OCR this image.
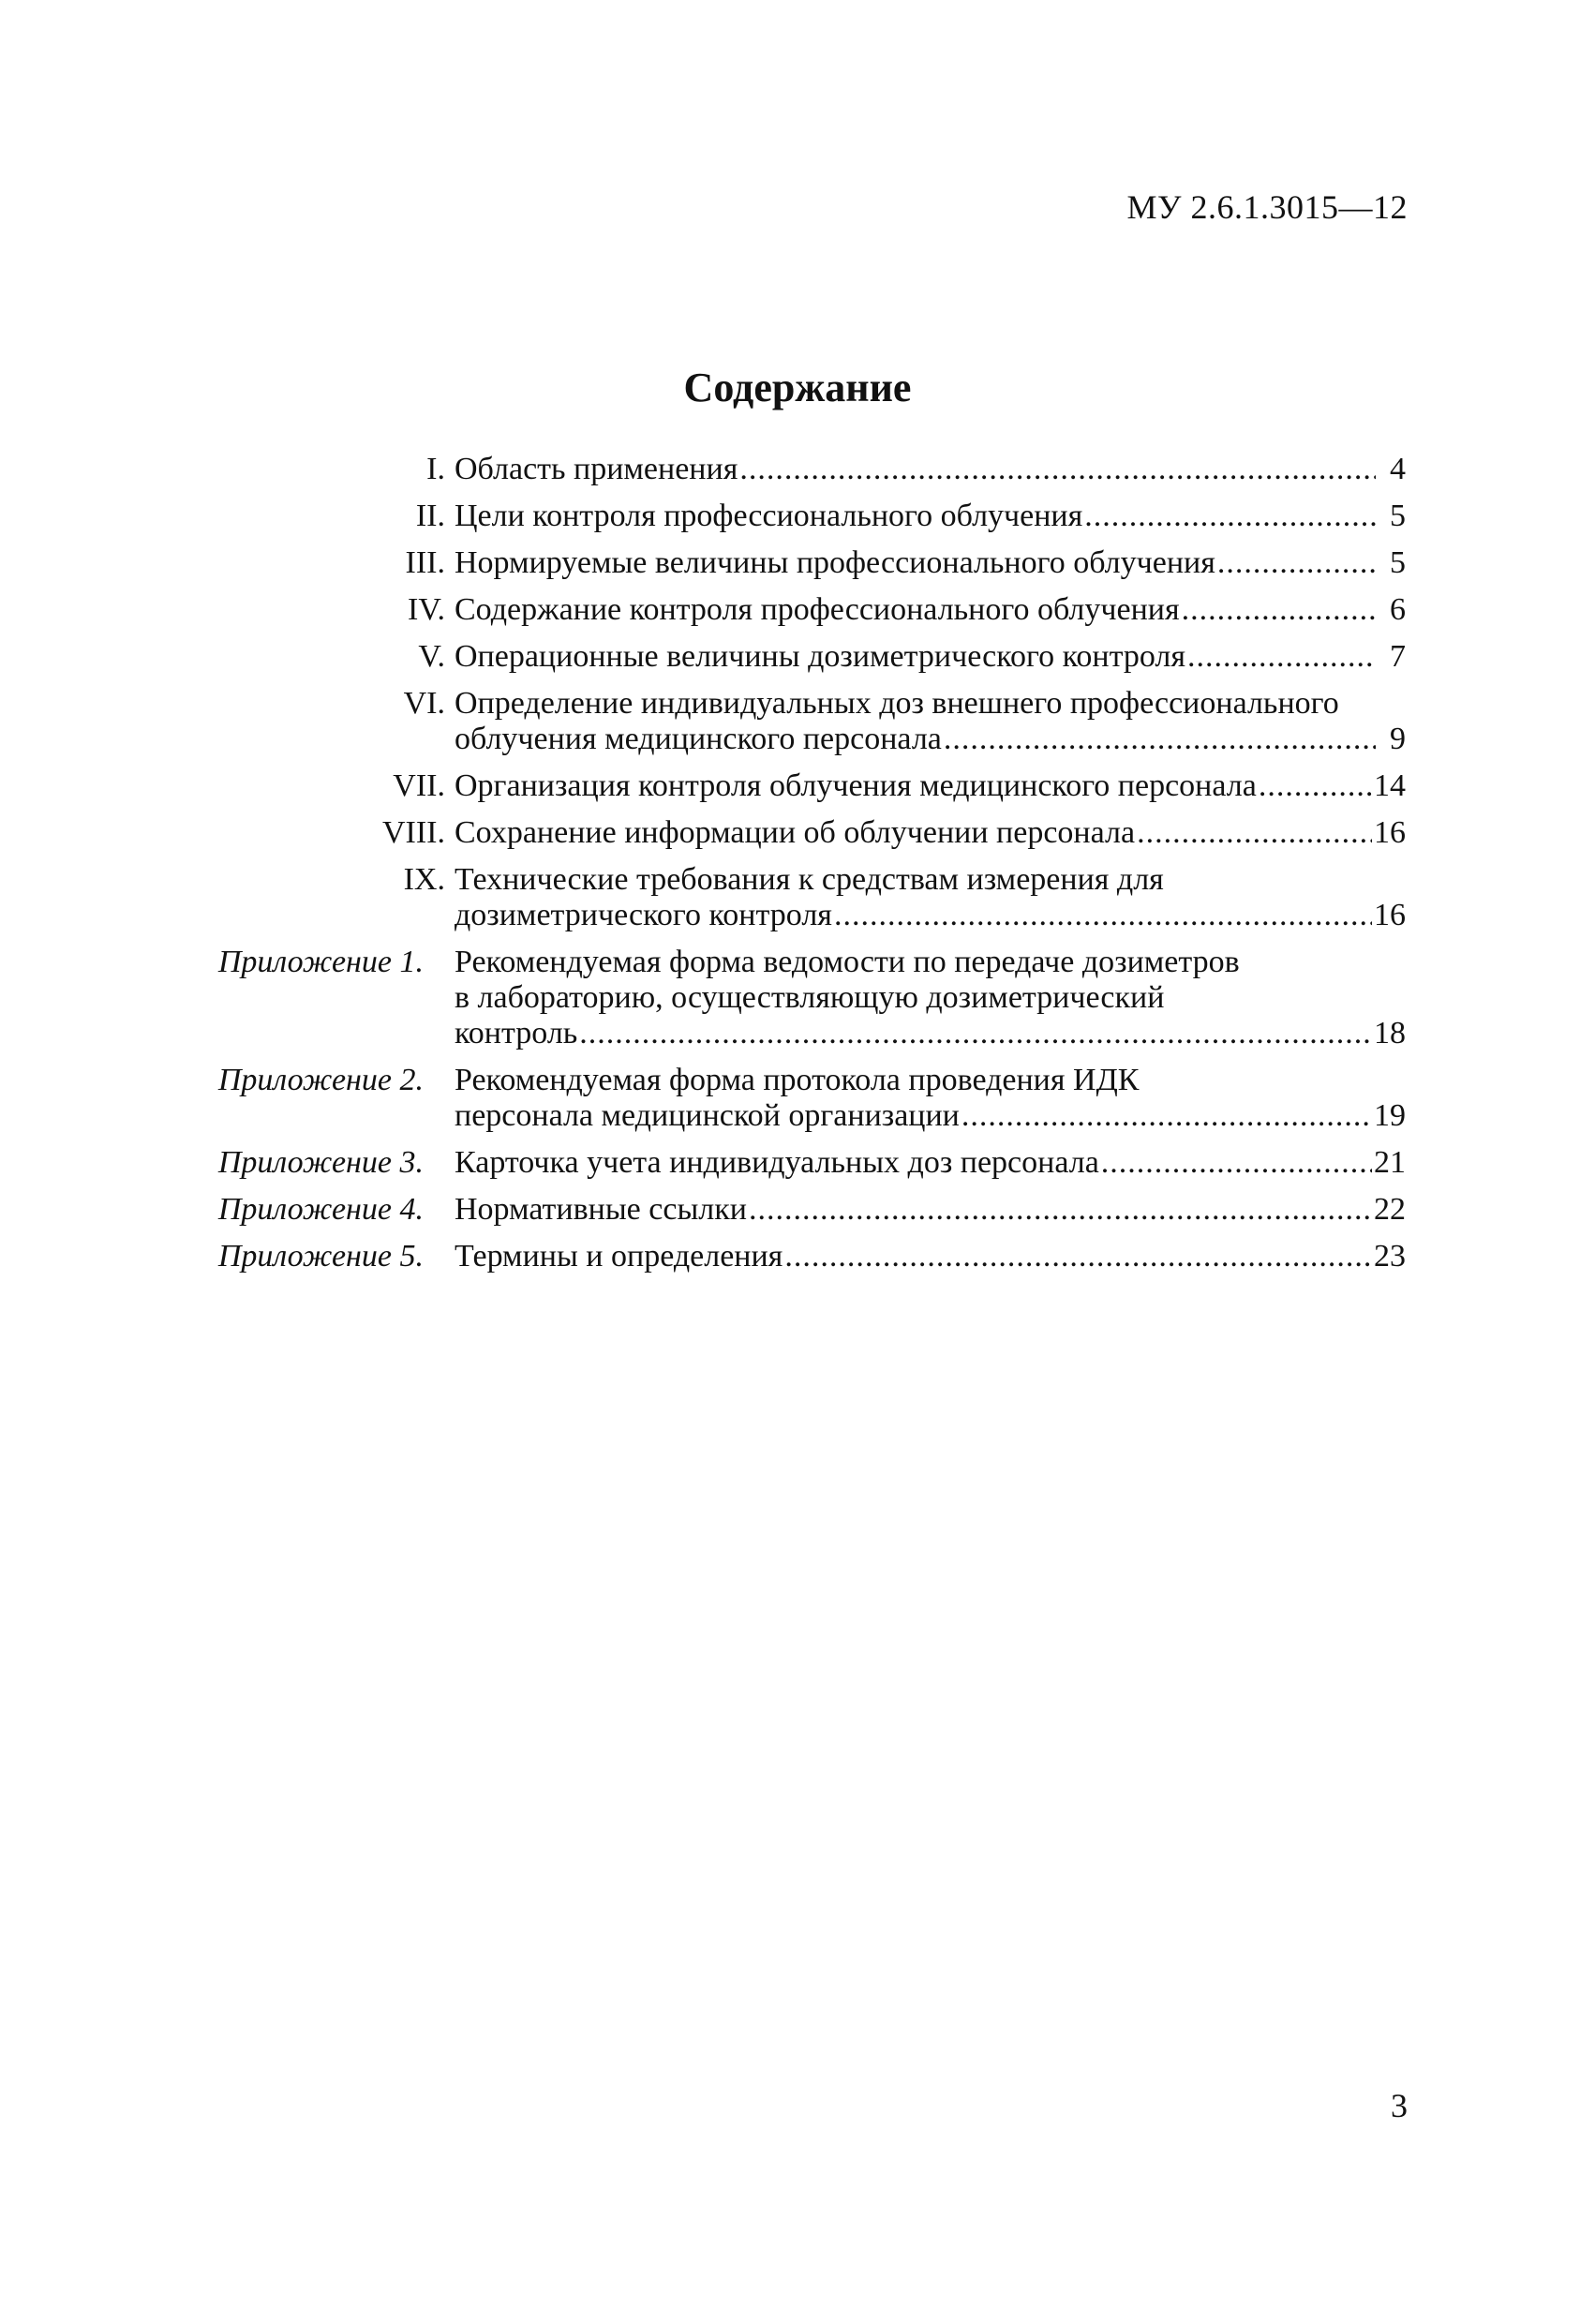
МУ 2.6.1.3015—12
Содержание
I. Область применения .....	4
II. Цели контроля профессионального облучения .....	5
III. Нормируемые величины профессионального облучения .....	5
IV. Содержание контроля профессионального облучения .....	6
V. Операционные величины дозиметрического контроля .....	7
VI. Определение индивидуальных доз внешнего профессионального
облучения медицинского персонала .....	9
VII. Организация контроля облучения медицинского персонала .....	14
VIII. Сохранение информации об облучении персонала .....	16
IX. Технические требования к средствам измерения для
дозиметрического контроля .....	16
Приложение 1. Рекомендуемая форма ведомости по передаче дозиметров
в лабораторию, осуществляющую дозиметрический
контроль .....	18
Приложение 2. Рекомендуемая форма протокола проведения ИДК
персонала медицинской организации .....	19
Приложение 3. Карточка учета индивидуальных доз персонала .....	21
Приложение 4. Нормативные ссылки .....	22
Приложение 5. Термины и определения .....	23
3
